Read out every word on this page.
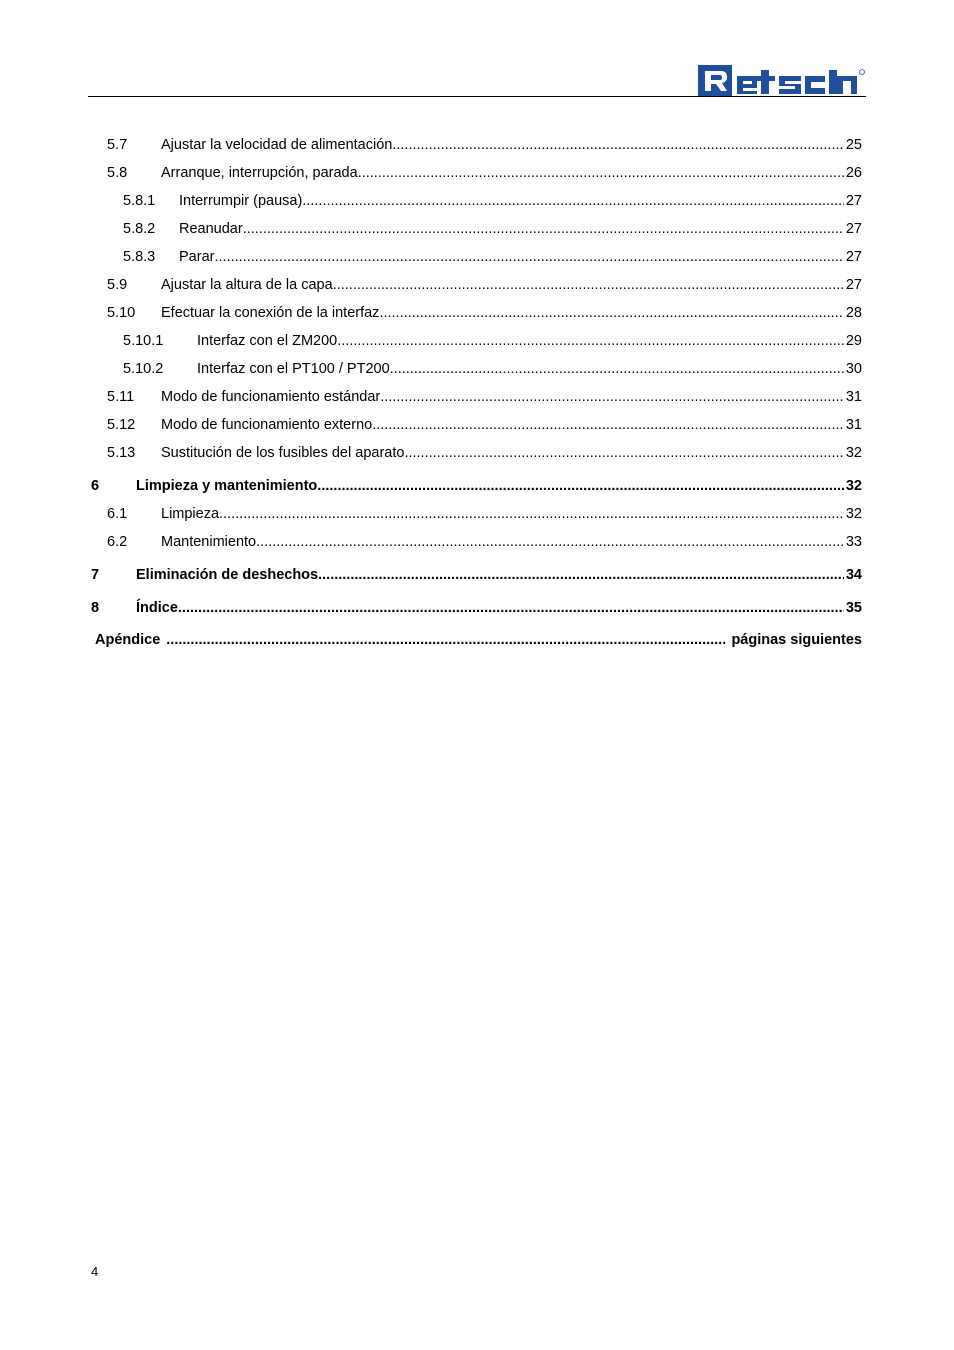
5.7 Ajustar la velocidad de alimentación .....	25
5.8 Arranque, interrupción, parada .....	26
5.8.1 Interrumpir (pausa) .....	27
5.8.2 Reanudar .....	27
5.8.3 Parar .....	27
5.9 Ajustar la altura de la capa .....	27
5.10 Efectuar la conexión de la interfaz .....	28
5.10.1 Interfaz con el ZM200 .....	29
5.10.2 Interfaz con el PT100 / PT200 .....	30
5.11 Modo de funcionamiento estándar .....	31
5.12 Modo de funcionamiento externo .....	31
5.13 Sustitución de los fusibles del aparato .....	32
6	Limpieza y mantenimiento .....	32
6.1 Limpieza .....	32
6.2 Mantenimiento .....	33
7	Eliminación de deshechos .....	34
8	Índice .....	35
Apéndice .....	páginas siguientes
4
